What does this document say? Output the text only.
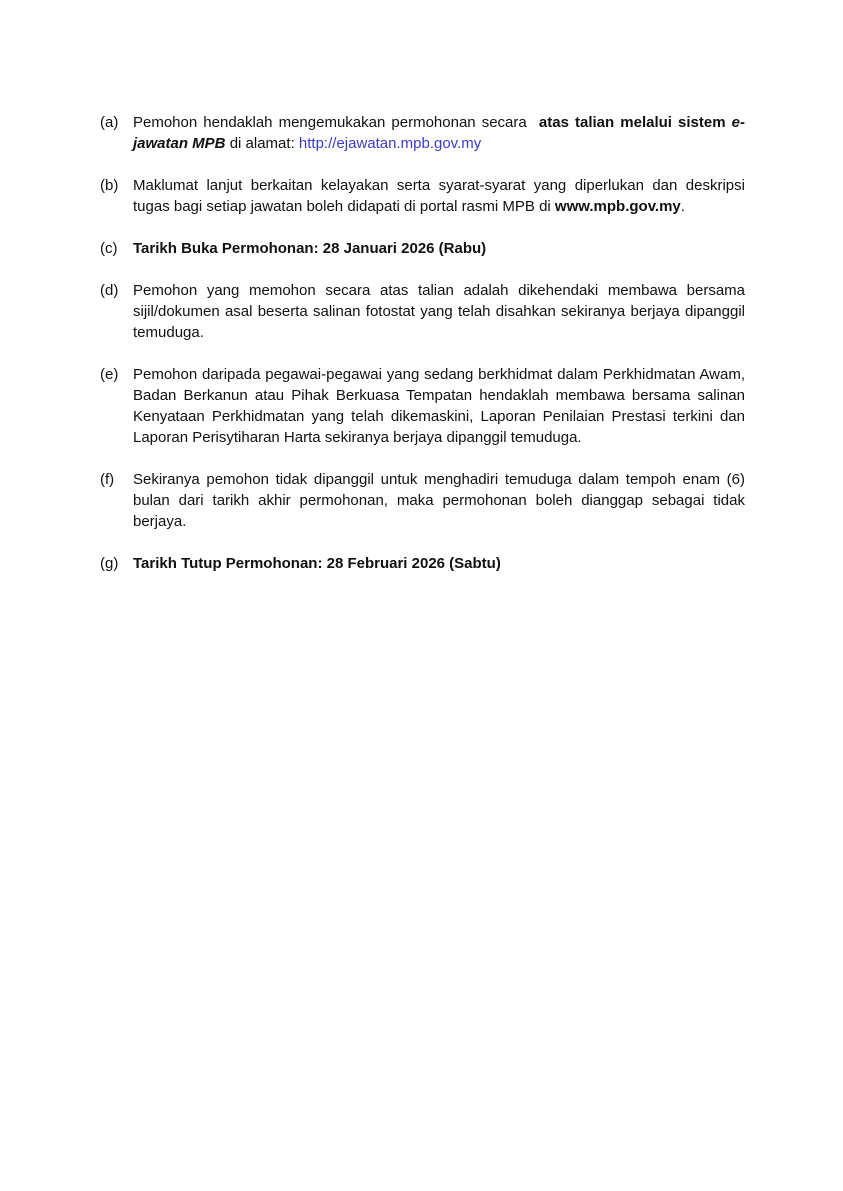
(a) Pemohon hendaklah mengemukakan permohonan secara  atas talian melalui sistem e-jawatan MPB di alamat: http://ejawatan.mpb.gov.my

(b) Maklumat lanjut berkaitan kelayakan serta syarat-syarat yang diperlukan dan deskripsi tugas bagi setiap jawatan boleh didapati di portal rasmi MPB di www.mpb.gov.my.

(c)	Tarikh Buka Permohonan: 28 Januari 2026 (Rabu)

(d) Pemohon yang memohon secara atas talian adalah dikehendaki membawa bersama sijil/dokumen asal beserta salinan fotostat yang telah disahkan sekiranya berjaya dipanggil temuduga.

(e) Pemohon daripada pegawai-pegawai yang sedang berkhidmat dalam Perkhidmatan Awam, Badan Berkanun atau Pihak Berkuasa Tempatan hendaklah membawa bersama salinan Kenyataan Perkhidmatan yang telah dikemaskini, Laporan Penilaian Prestasi terkini dan Laporan Perisytiharan Harta sekiranya berjaya dipanggil temuduga.

(f)	Sekiranya pemohon tidak dipanggil untuk menghadiri temuduga dalam tempoh enam (6) bulan dari tarikh akhir permohonan, maka permohonan boleh dianggap sebagai tidak berjaya.

(g) Tarikh Tutup Permohonan: 28 Februari 2026 (Sabtu)
